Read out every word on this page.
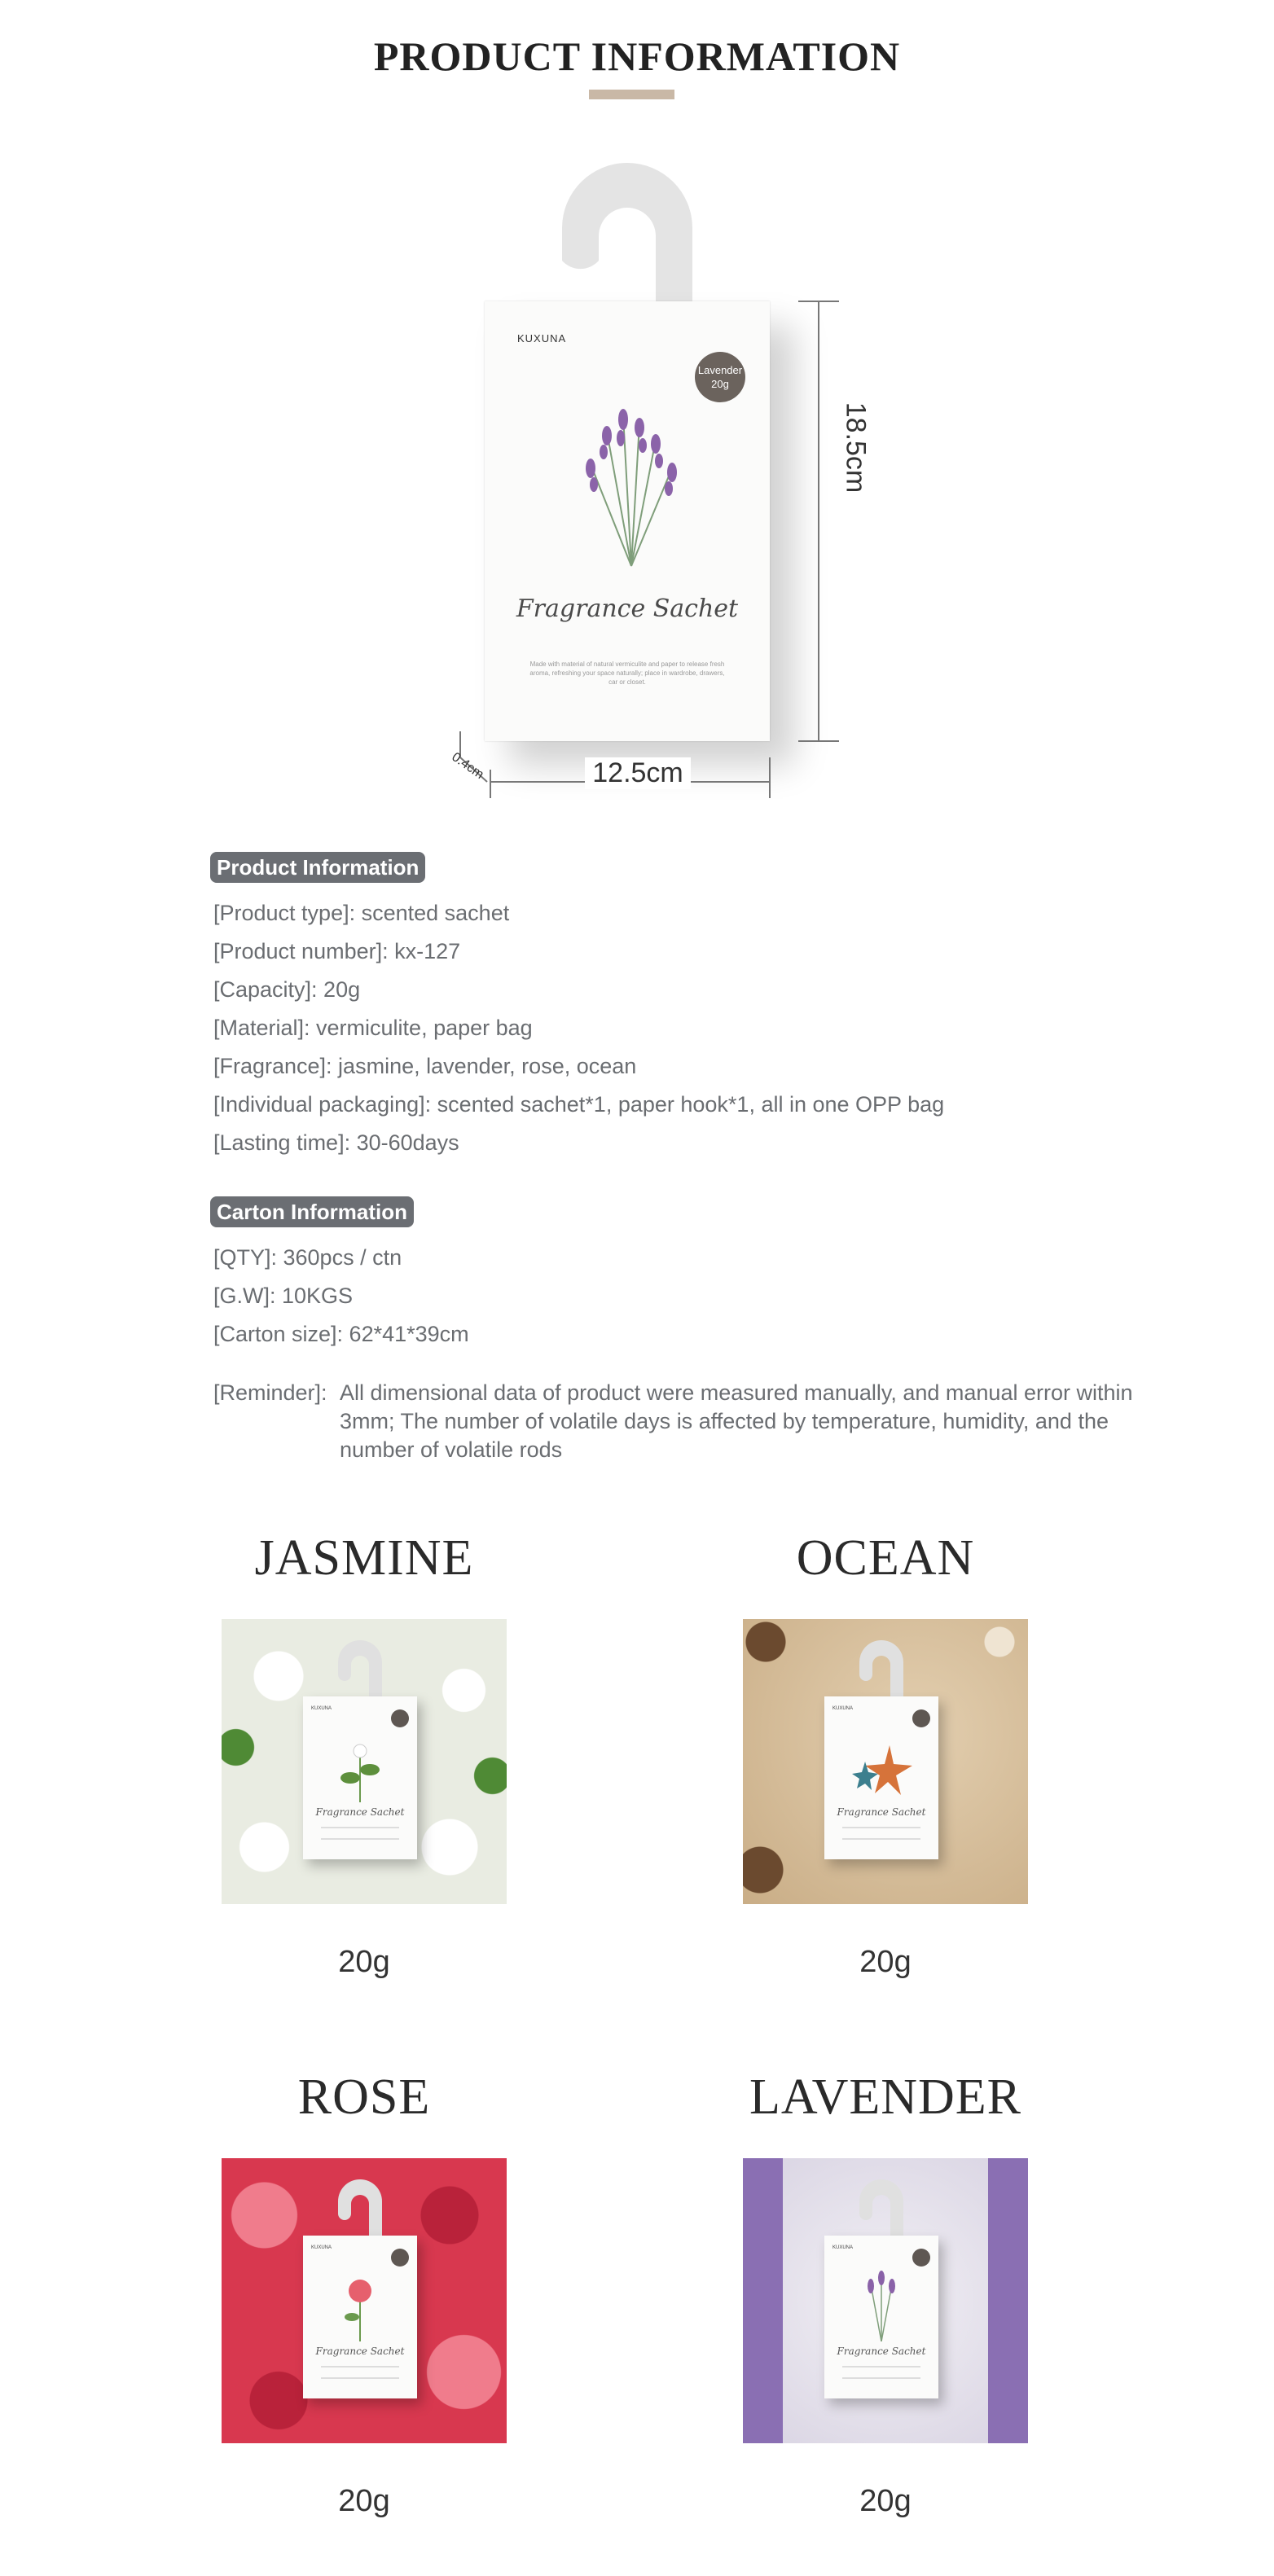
PRODUCT INFORMATION
KUXUNA
Lavender
20g
Fragrance Sachet
Made with material of natural vermiculite and paper to release fresh aroma, refreshing your space naturally; place in wardrobe, drawers, car or closet.
12.5cm
18.5cm
0.4cm
Product Information
[Product type]: scented sachet
[Product number]: kx-127
[Capacity]: 20g
[Material]: vermiculite, paper bag
[Fragrance]: jasmine, lavender, rose, ocean
[Individual packaging]: scented sachet*1, paper hook*1, all in one OPP bag
[Lasting time]: 30-60days
Carton Information
[QTY]: 360pcs / ctn
[G.W]: 10KGS
[Carton size]: 62*41*39cm
[Reminder]: All dimensional data of product were measured manually, and manual error within 3mm; The number of volatile days is affected by temperature, humidity, and the number of volatile rods
JASMINE
KUXUNA
Fragrance Sachet
20g
OCEAN
KUXUNA
Fragrance Sachet
20g
ROSE
KUXUNA
Fragrance Sachet
20g
LAVENDER
KUXUNA
Fragrance Sachet
20g
